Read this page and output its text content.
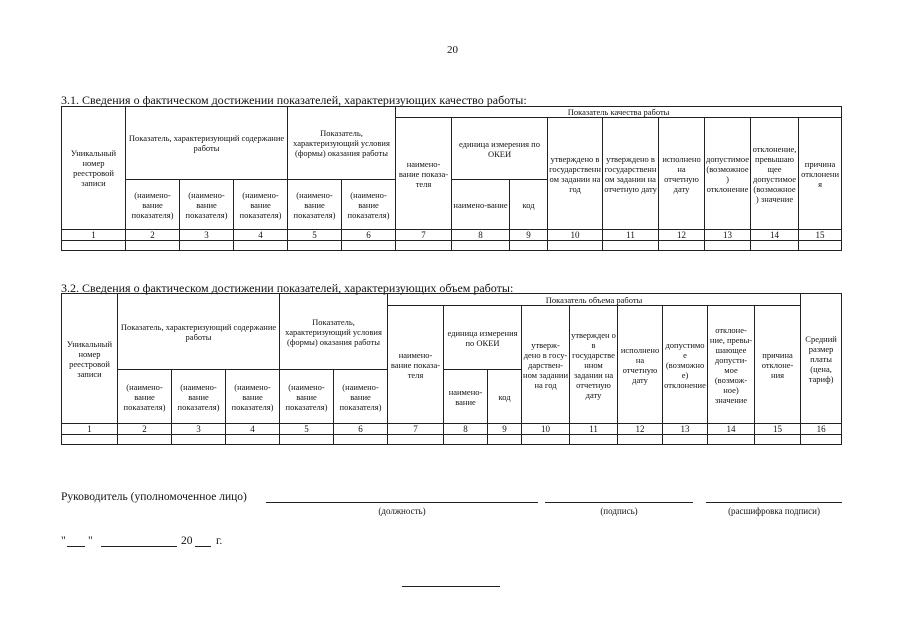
20
3.1. Сведения о фактическом достижении показателей, характеризующих качество работы:
Уникальный номер реестровой записи	Показатель, характеризующий содержание работы			Показатель, характеризующий условия (формы) оказания работы		Показатель качества работы								
						наимено-вание показа-теля	единица измерения по ОКЕИ		утверждено в государственном задании на год	утверждено в государственном задании на отчетную дату	исполнено на отчетную дату	допустимое (возможное) отклонение	отклонение, превышающее допустимое (возможное) значение	причина отклонения
	(наимено-вание показателя)	(наимено-вание показателя)	(наимено-вание показателя)	(наимено-вание показателя)	(наимено-вание показателя)		наимено-вание	код						
1	2	3	4	5	6	7	8	9	10	11	12	13	14	15

3.2. Сведения о фактическом достижении показателей, характеризующих объем работы:
Уникальный номер реестровой записи	Показатель, характеризующий содержание работы			Показатель, характеризующий условия (формы) оказания работы		Показатель объема работы									Средний размер платы (цена, тариф)
						наимено-вание показа-теля	единица измерения по ОКЕИ		утверж-дено в госу-дарствен-ном задании на год	утвержден о в государственном задании на отчетную дату	исполнено на отчетную дату	допустимое (возможное) отклонение	отклоне-ние, превы-шающее допусти-мое (возмож-ное) значение	причина отклоне-ния	
	(наимено-вание показателя)	(наимено-вание показателя)	(наимено-вание показателя)	(наимено-вание показателя)	(наимено-вание показателя)		наимено-вание	код							
1	2	3	4	5	6	7	8	9	10	11	12	13	14	15	16

Руководитель (уполномоченное лицо)
(должность)	(подпись)	(расшифровка подписи)
" "	20 г.
